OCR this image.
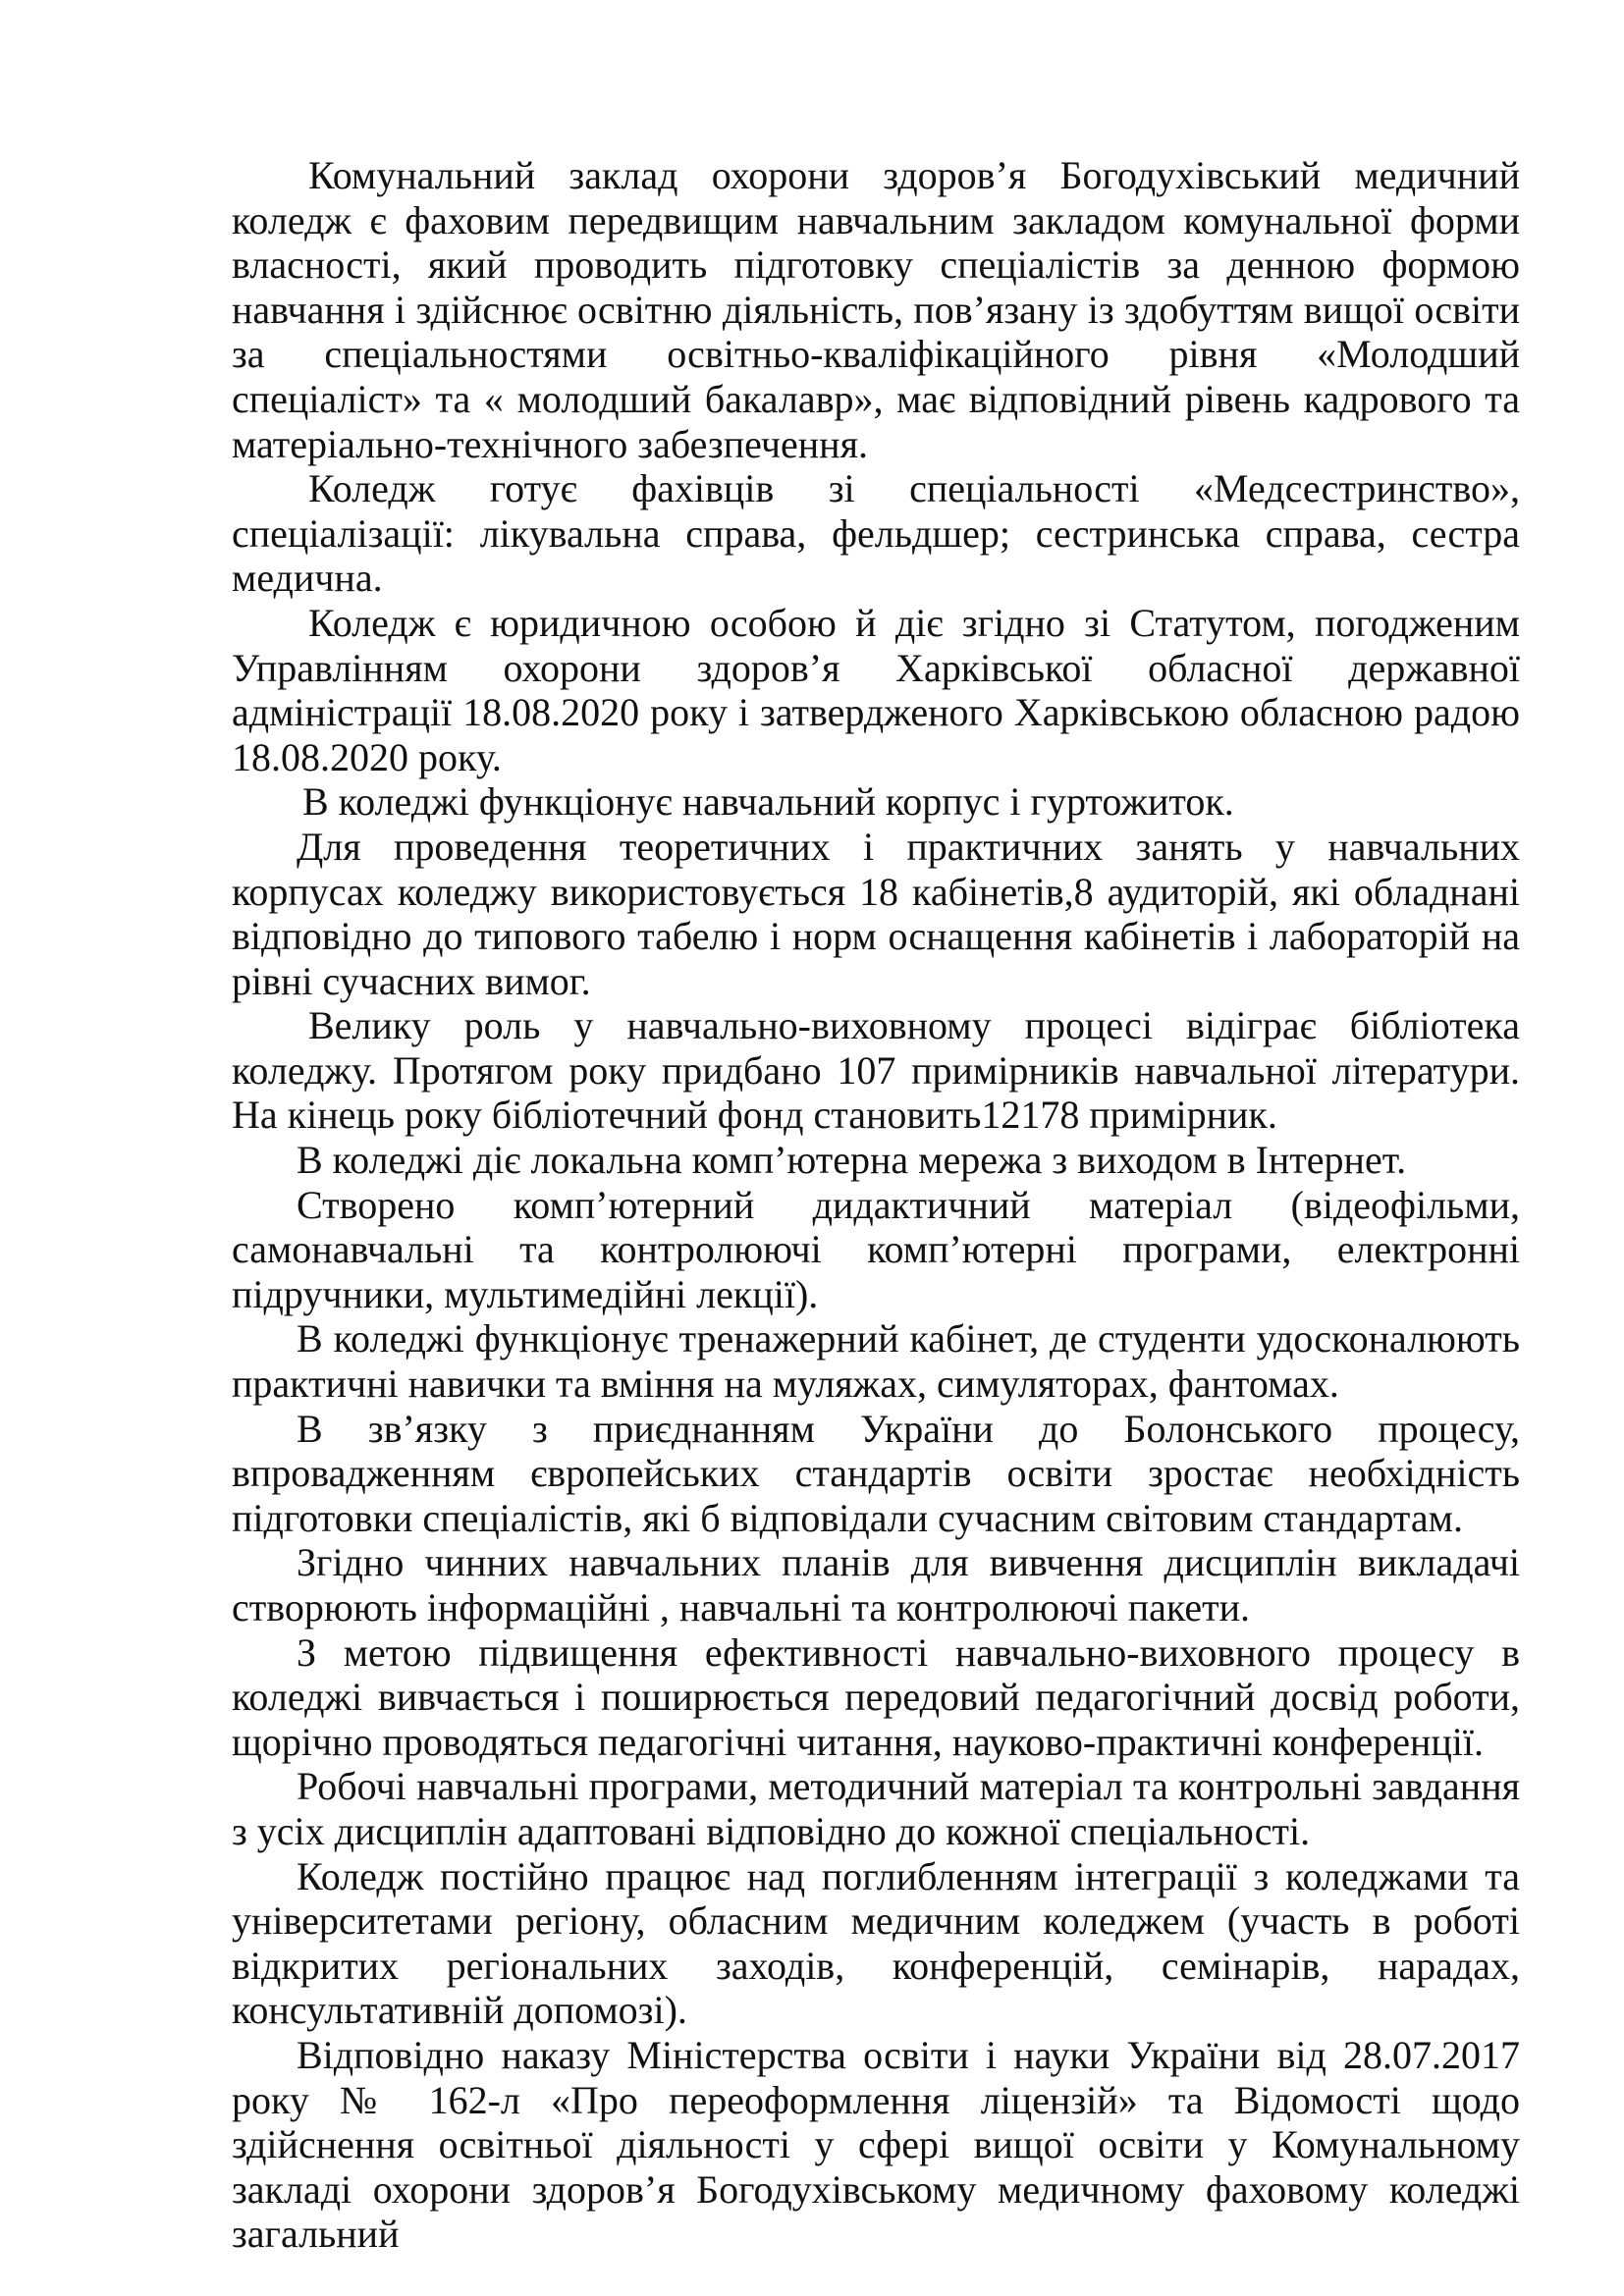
Комунальний заклад охорони здоров’я Богодухівський медичний коледж є фаховим передвищим навчальним закладом комунальної форми власності, який проводить підготовку спеціалістів за денною формою навчання і здійснює освітню діяльність, пов’язану із здобуттям вищої освіти за спеціальностями освітньо-кваліфікаційного рівня «Молодший спеціаліст» та « молодший бакалавр», має відповідний рівень кадрового та матеріально-технічного забезпечення.

Коледж готує фахівців зі спеціальності «Медсестринство», спеціалізації: лікувальна справа, фельдшер; сестринська справа, сестра медична.

Коледж є юридичною особою й діє згідно зі Статутом, погодженим Управлінням охорони здоров’я Харківської обласної державної адміністрації 18.08.2020 року і затвердженого Харківською обласною радою 18.08.2020 року.

В коледжі функціонує навчальний корпус і гуртожиток.

Для проведення теоретичних і практичних занять у навчальних корпусах коледжу використовується 18 кабінетів,8 аудиторій, які обладнані відповідно до типового табелю і норм оснащення кабінетів і лабораторій на рівні сучасних вимог.

Велику роль у навчально-виховному процесі відіграє бібліотека коледжу. Протягом року придбано 107 примірників навчальної літератури. На кінець року бібліотечний фонд становить12178 примірник.

В коледжі діє локальна комп’ютерна мережа з виходом в Інтернет.

Створено комп’ютерний дидактичний матеріал (відеофільми, самонавчальні та контролюючі комп’ютерні програми, електронні підручники, мультимедійні лекції).

В коледжі функціонує тренажерний кабінет, де студенти удосконалюють практичні навички та вміння на муляжах, симуляторах, фантомах.

В зв’язку з приєднанням України до Болонського процесу, впровадженням європейських стандартів освіти зростає необхідність підготовки спеціалістів, які б відповідали сучасним світовим стандартам.

Згідно чинних навчальних планів для вивчення дисциплін викладачі створюють інформаційні , навчальні та контролюючі пакети.

З метою підвищення ефективності навчально-виховного процесу в коледжі вивчається і поширюється передовий педагогічний досвід роботи, щорічно проводяться педагогічні читання, науково-практичні конференції.

Робочі навчальні програми, методичний матеріал та контрольні завдання з усіх дисциплін адаптовані відповідно до кожної спеціальності.

Коледж постійно працює над поглибленням інтеграції з коледжами та університетами регіону, обласним медичним коледжем (участь в роботі відкритих регіональних заходів, конференцій, семінарів, нарадах, консультативній допомозі).

Відповідно наказу Міністерства освіти і науки України від 28.07.2017 року № 162-л «Про переоформлення ліцензій» та Відомості щодо здійснення освітньої діяльності у сфері вищої освіти у Комунальному закладі охорони здоров’я Богодухівському медичному фаховому коледжі загальний
